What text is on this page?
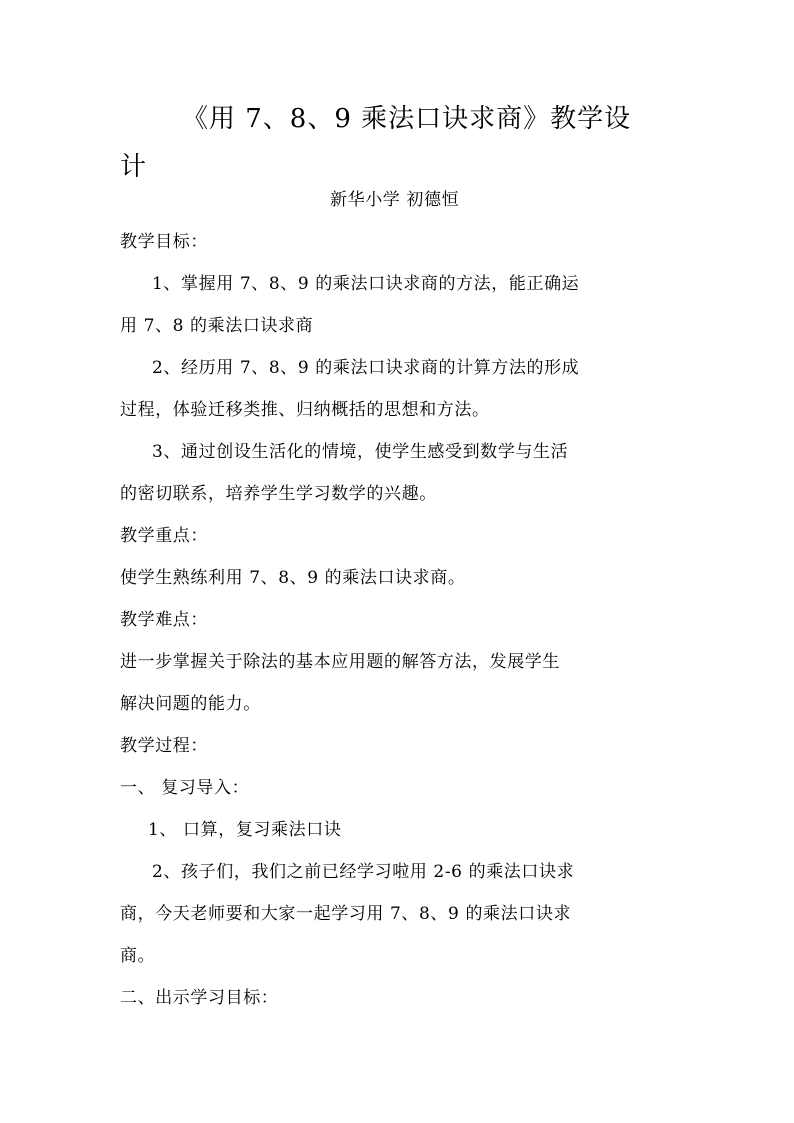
《用 7、8、9 乘法口诀求商》教学设计
新华小学 初德恒
教学目标：
1、掌握用 7、8、9 的乘法口诀求商的方法，能正确运
用 7、8 的乘法口诀求商
2、经历用 7、8、9 的乘法口诀求商的计算方法的形成
过程，体验迁移类推、归纳概括的思想和方法。
3、通过创设生活化的情境，使学生感受到数学与生活
的密切联系，培养学生学习数学的兴趣。
教学重点：
使学生熟练利用 7、8、9 的乘法口诀求商。
教学难点：
进一步掌握关于除法的基本应用题的解答方法，发展学生
解决问题的能力。
教学过程：
一、 复习导入：
1、 口算，复习乘法口诀
2、孩子们，我们之前已经学习啦用 2-6 的乘法口诀求
商，今天老师要和大家一起学习用 7、8、9 的乘法口诀求
商。
二、出示学习目标：
